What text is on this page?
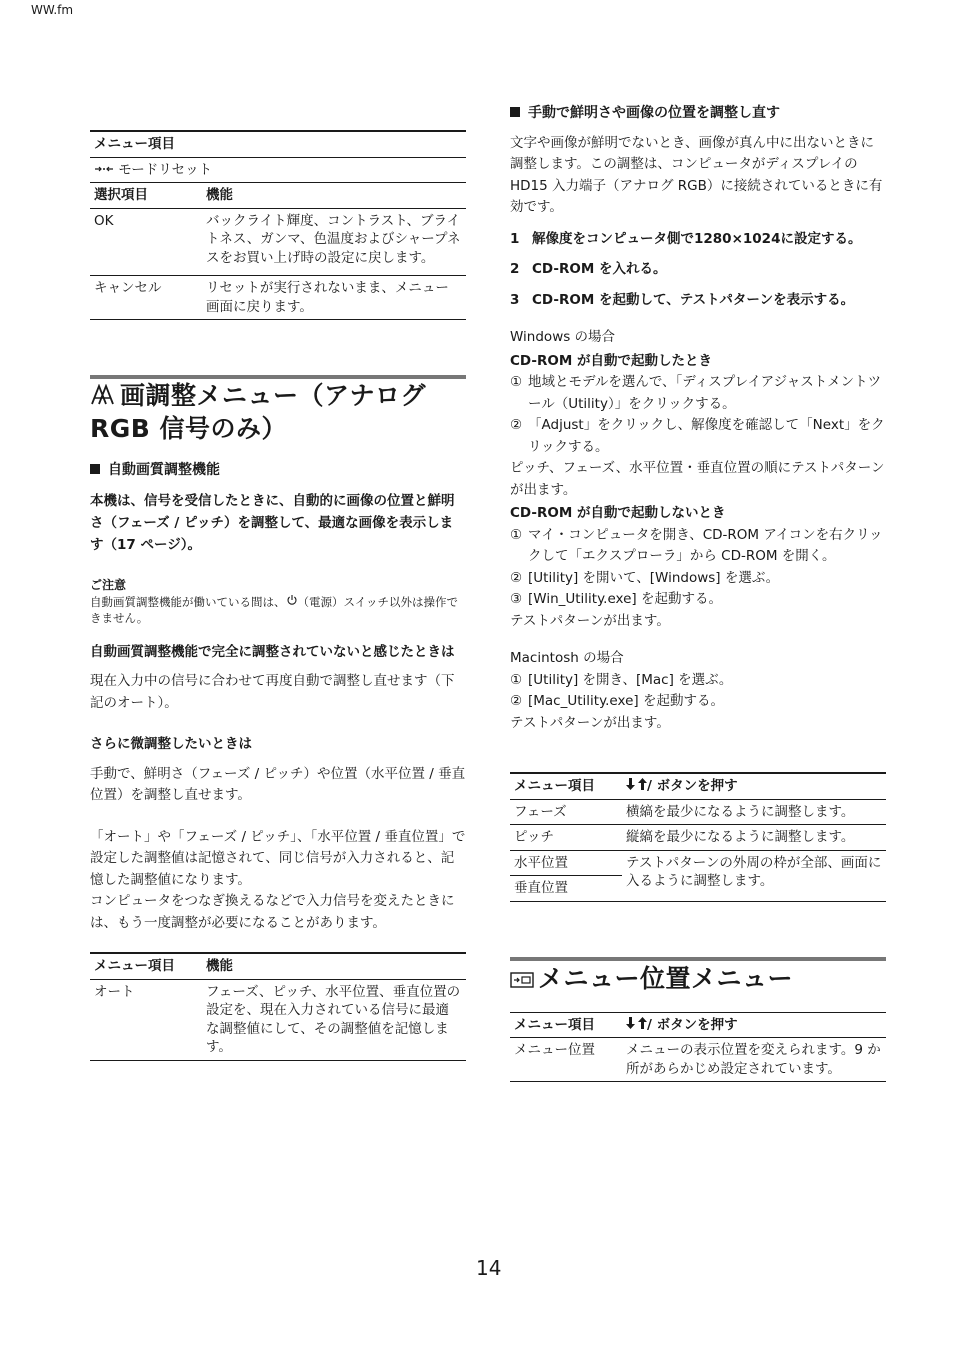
WW.fm
メニュー項目	
モードリセット	
選択項目	機能
OK	バックライト輝度、コントラスト、ブライトネス、ガンマ、色温度およびシャープネスをお買い上げ時の設定に戻します。
キャンセル	リセットが実行されないまま、メニュー画面に戻ります。
画調整メニュー（アナログ
RGB 信号のみ）
自動画質調整機能

本機は、信号を受信したときに、自動的に画像の位置と鮮明さ（フェーズ / ピッチ）を調整して、最適な画像を表示します（17 ページ）。

ご注意
自動画質調整機能が働いている間は、 （電源）スイッチ以外は操作できません。
自動画質調整機能で完全に調整されていないと感じたときは

現在入力中の信号に合わせて再度自動で調整し直せます（下記のオート）。

さらに微調整したいときは

手動で、鮮明さ（フェーズ / ピッチ）や位置（水平位置 / 垂直位置）を調整し直せます。

「オート」や「フェーズ / ピッチ」、「水平位置 / 垂直位置」で設定した調整値は記憶されて、同じ信号が入力されると、記憶した調整値になります。

コンピュータをつなぎ換えるなどで入力信号を変えたときには、もう一度調整が必要になることがあります。

メニュー項目	機能
オート	フェーズ、ピッチ、水平位置、垂直位置の設定を、現在入力されている信号に最適な調整値にして、その調整値を記憶します。
手動で鮮明さや画像の位置を調整し直す

文字や画像が鮮明でないとき、画像が真ん中に出ないときに調整します。この調整は、コンピュータがディスプレイの HD15 入力端子（アナログ RGB）に接続されているときに有効です。

1 解像度をコンピュータ側で1280×1024に設定する。
2 CD-ROM を入れる。
3 CD-ROM を起動して、テストパターンを表示する。
Windows の場合
CD-ROM が自動で起動したとき
① 地域とモデルを選んで、「ディスプレイアジャストメントツール（Utility）」をクリックする。
② 「Adjust」をクリックし、解像度を確認して「Next」をクリックする。

ピッチ、フェーズ、水平位置・垂直位置の順にテストパターンが出ます。

CD-ROM が自動で起動しないとき
① マイ・コンピュータを開き、CD-ROM アイコンを右クリックして「エクスプローラ」から CD-ROM を開く。
② [Utility] を開いて、[Windows] を選ぶ。
③ [Win_Utility.exe] を起動する。

テストパターンが出ます。

Macintosh の場合
① [Utility] を開き、[Mac] を選ぶ。
② [Mac_Utility.exe] を起動する。

テストパターンが出ます。

メニュー項目	/ ボタンを押す
フェーズ	横縞を最少になるように調整します。
ピッチ	縦縞を最少になるように調整します。
水平位置	テストパターンの外周の枠が全部、画面に入るように調整します。
垂直位置	
メニュー位置メニュー
メニュー項目	/ ボタンを押す
メニュー位置	メニューの表示位置を変えられます。9 か所があらかじめ設定されています。
14
